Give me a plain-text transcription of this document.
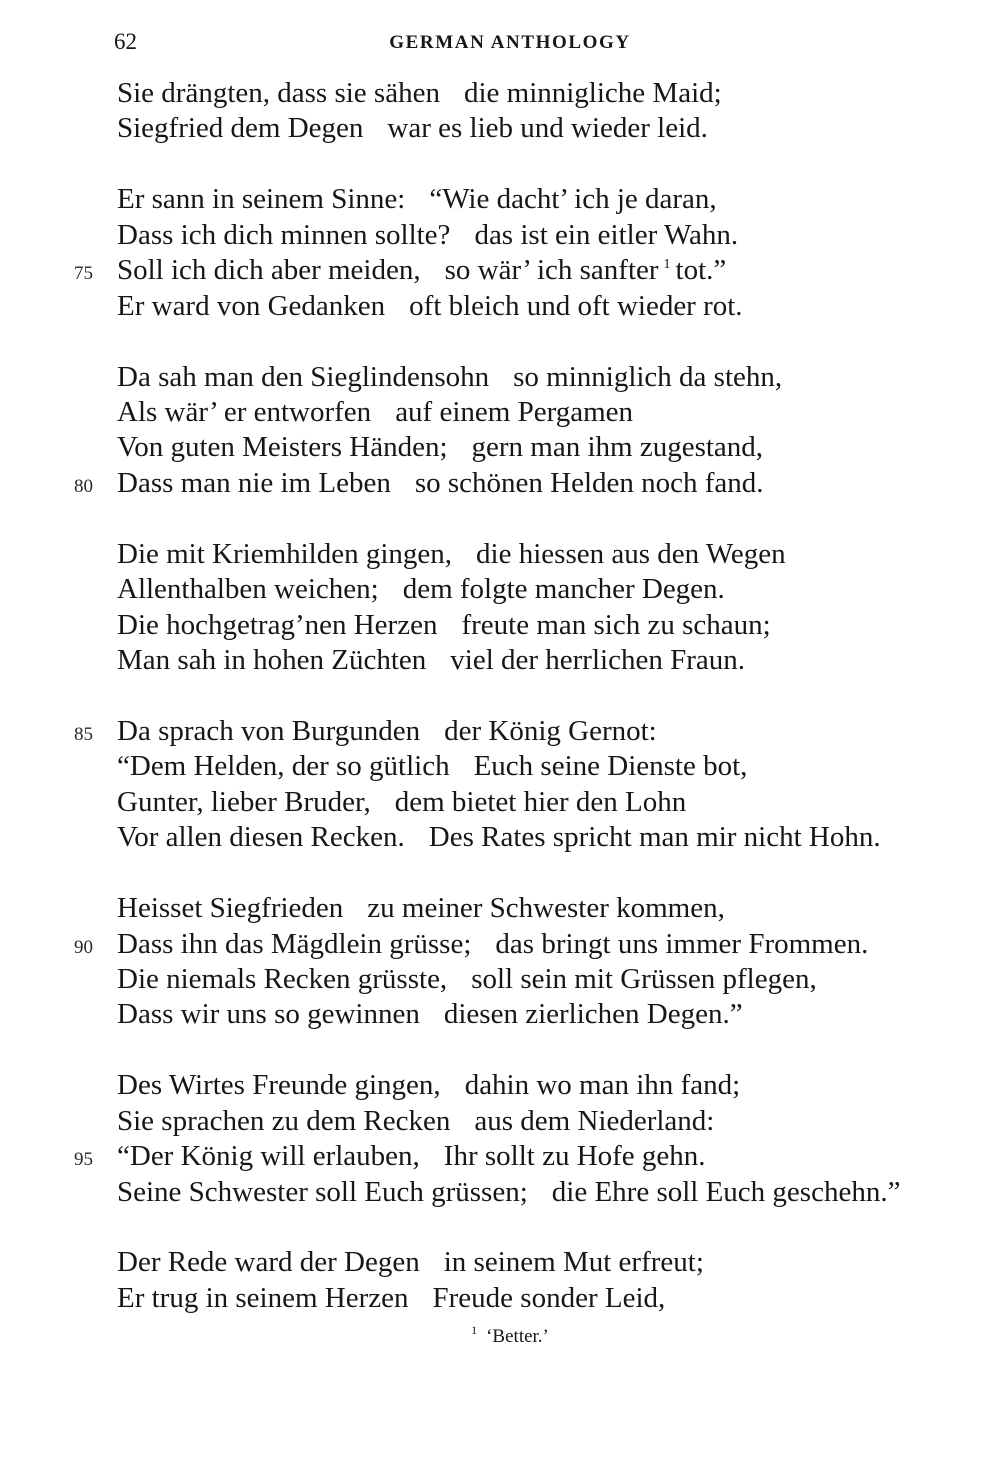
62	GERMAN ANTHOLOGY
Sie drängten, dass sie sähen die minnigliche Maid;
Siegfried dem Degen war es lieb und wieder leid.
Er sann in seinem Sinne: “Wie dacht’ ich je daran,
Dass ich dich minnen sollte? das ist ein eitler Wahn.
75 Soll ich dich aber meiden, so wär’ ich sanfter $^1$ tot.”
Er ward von Gedanken oft bleich und oft wieder rot.
Da sah man den Sieglindensohn so minniglich da stehn,
Als wär’ er entworfen auf einem Pergamen
Von guten Meisters Händen; gern man ihm zugestand,
80 Dass man nie im Leben so schönen Helden noch fand.
Die mit Kriemhilden gingen, die hiessen aus den Wegen
Allenthalben weichen; dem folgte mancher Degen.
Die hochgetrag’nen Herzen freute man sich zu schaun;
Man sah in hohen Züchten viel der herrlichen Fraun.
85 Da sprach von Burgunden der König Gernot:
“Dem Helden, der so gütlich Euch seine Dienste bot,
Gunter, lieber Bruder, dem bietet hier den Lohn
Vor allen diesen Recken. Des Rates spricht man mir nicht Hohn.
Heisset Siegfrieden zu meiner Schwester kommen,
90 Dass ihn das Mägdlein grüsse; das bringt uns immer Frommen.
Die niemals Recken grüsste, soll sein mit Grüssen pflegen,
Dass wir uns so gewinnen diesen zierlichen Degen.”
Des Wirtes Freunde gingen, dahin wo man ihn fand;
Sie sprachen zu dem Recken aus dem Niederland:
95 “Der König will erlauben, Ihr sollt zu Hofe gehn.
Seine Schwester soll Euch grüssen; die Ehre soll Euch geschehn.”
Der Rede ward der Degen in seinem Mut erfreut;
Er trug in seinem Herzen Freude sonder Leid,
$^1$ ‘Better.’
